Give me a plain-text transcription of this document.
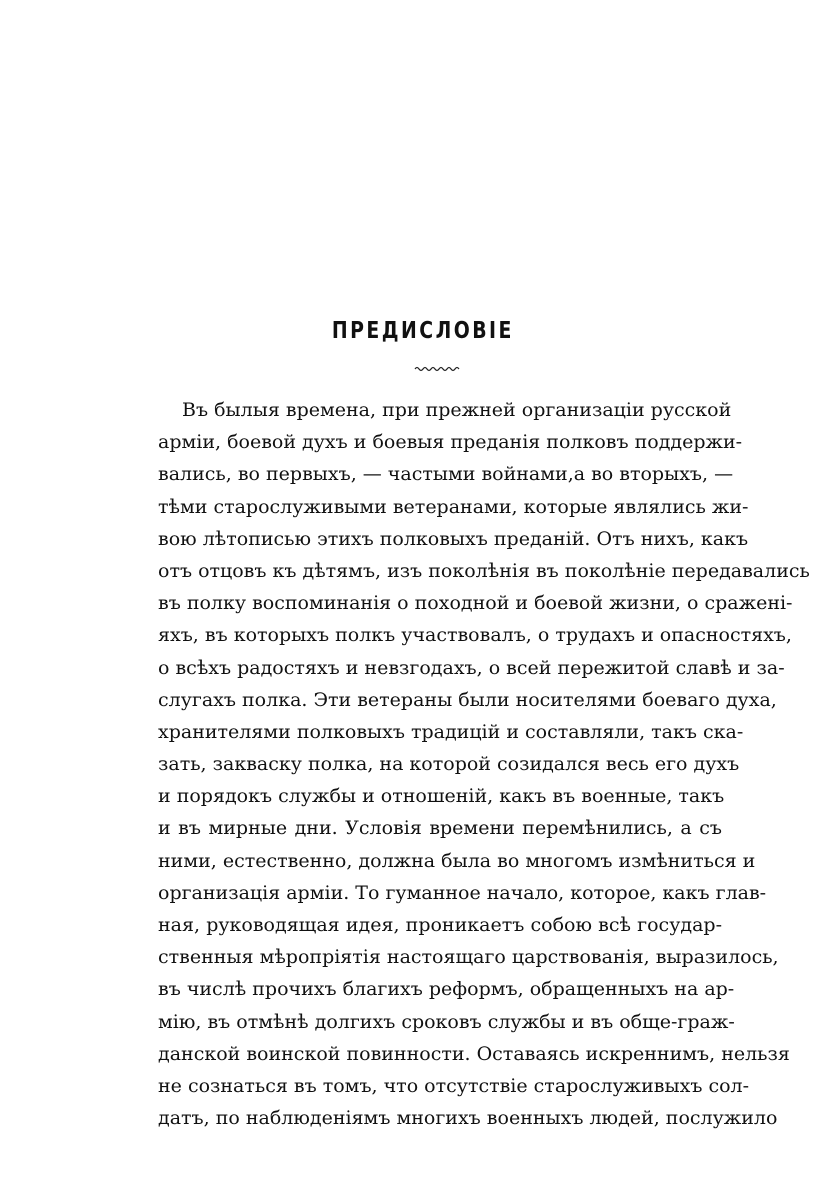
ПРЕДИСЛОВІЕ
Въ былыя времена, при прежней организаціи русской
арміи, боевой духъ и боевыя преданія полковъ поддержи-
вались, во первыхъ, — частыми войнами,а во вторыхъ, —
тѣми старослуживыми ветеранами, которые являлись жи-
вою лѣтописью этихъ полковыхъ преданій. Отъ нихъ, какъ
отъ отцовъ къ дѣтямъ, изъ поколѣнія въ поколѣніе передавались
въ полку воспоминанія о походной и боевой жизни, о сраженi-
яхъ, въ которыхъ полкъ участвовалъ, о трудахъ и опасностяхъ,
о всѣхъ радостяхъ и невзгодахъ, о всей пережитой славѣ и за-
слугахъ полка. Эти ветераны были носителями боеваго духа,
хранителями полковыхъ традицій и составляли, такъ ска-
зать, закваску полка, на которой созидался весь его духъ
и порядокъ службы и отношеній, какъ въ военные, такъ
и въ мирные дни. Условія времени перемѣнились, а съ
ними, естественно, должна была во многомъ измѣниться и
организація арміи. То гуманное начало, которое, какъ глав-
ная, руководящая идея, проникаетъ собою всѣ государ-
ственныя мѣропріятія настоящаго царствованія, выразилось,
въ числѣ прочихъ благихъ реформъ, обращенныхъ на ар-
мію, въ отмѣнѣ долгихъ сроковъ службы и въ обще-граж-
данской воинской повинности. Оставаясь искреннимъ, нельзя
не сознаться въ томъ, что отсутствіе старослуживыхъ сол-
датъ, по наблюденіямъ многихъ военныхъ людей, послужило
